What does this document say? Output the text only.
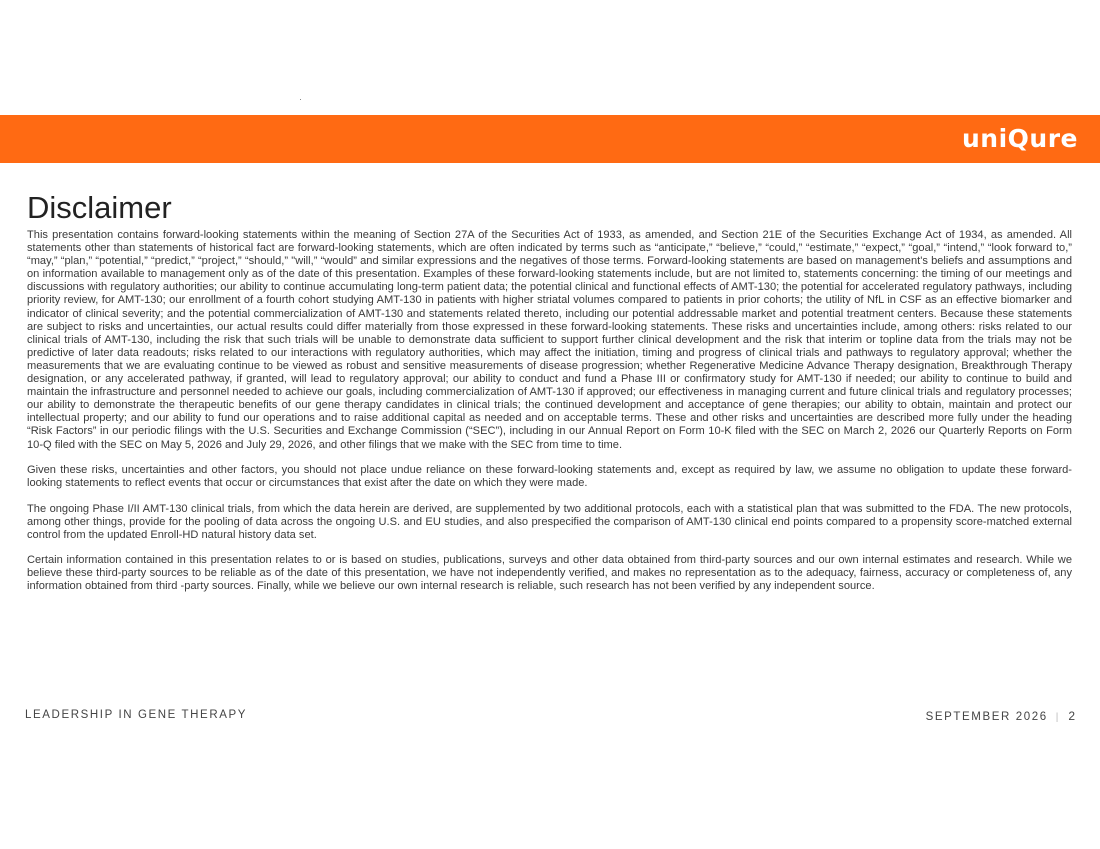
uniQure
Disclaimer

This presentation contains forward-looking statements within the meaning of Section 27A of the Securities Act of 1933, as amended, and Section 21E of the Securities Exchange Act of 1934, as amended. All statements other than statements of historical fact are forward-looking statements, which are often indicated by terms such as “anticipate,” “believe,” “could,” “estimate,” “expect,” “goal,” “intend,” “look forward to,” “may,” “plan,” “potential,” “predict,” “project,” “should,” "will,” “would” and similar expressions and the negatives of those terms. Forward-looking statements are based on management's beliefs and assumptions and on information available to management only as of the date of this presentation. Examples of these forward-looking statements include, but are not limited to, statements concerning: the timing of our meetings and discussions with regulatory authorities; our ability to continue accumulating long-term patient data; the potential clinical and functional effects of AMT-130; the potential for accelerated regulatory pathways, including priority review, for AMT-130; our enrollment of a fourth cohort studying AMT-130 in patients with higher striatal volumes compared to patients in prior cohorts; the utility of NfL in CSF as an effective biomarker and indicator of clinical severity; and the potential commercialization of AMT-130 and statements related thereto, including our potential addressable market and potential treatment centers. Because these statements are subject to risks and uncertainties, our actual results could differ materially from those expressed in these forward-looking statements. These risks and uncertainties include, among others: risks related to our clinical trials of AMT-130, including the risk that such trials will be unable to demonstrate data sufficient to support further clinical development and the risk that interim or topline data from the trials may not be predictive of later data readouts; risks related to our interactions with regulatory authorities, which may affect the initiation, timing and progress of clinical trials and pathways to regulatory approval; whether the measurements that we are evaluating continue to be viewed as robust and sensitive measurements of disease progression; whether Regenerative Medicine Advance Therapy designation, Breakthrough Therapy designation, or any accelerated pathway, if granted, will lead to regulatory approval; our ability to conduct and fund a Phase III or confirmatory study for AMT-130 if needed; our ability to continue to build and maintain the infrastructure and personnel needed to achieve our goals, including commercialization of AMT-130 if approved; our effectiveness in managing current and future clinical trials and regulatory processes; our ability to demonstrate the therapeutic benefits of our gene therapy candidates in clinical trials; the continued development and acceptance of gene therapies; our ability to obtain, maintain and protect our intellectual property; and our ability to fund our operations and to raise additional capital as needed and on acceptable terms. These and other risks and uncertainties are described more fully under the heading “Risk Factors” in our periodic filings with the U.S. Securities and Exchange Commission (“SEC”), including in our Annual Report on Form 10-K filed with the SEC on March 2, 2026 our Quarterly Reports on Form 10-Q filed with the SEC on May 5, 2026 and July 29, 2026, and other filings that we make with the SEC from time to time.

Given these risks, uncertainties and other factors, you should not place undue reliance on these forward-looking statements and, except as required by law, we assume no obligation to update these forward-looking statements to reflect events that occur or circumstances that exist after the date on which they were made.

The ongoing Phase I/II AMT-130 clinical trials, from which the data herein are derived, are supplemented by two additional protocols, each with a statistical plan that was submitted to the FDA. The new protocols, among other things, provide for the pooling of data across the ongoing U.S. and EU studies, and also prespecified the comparison of AMT-130 clinical end points compared to a propensity score-matched external control from the updated Enroll-HD natural history data set.

Certain information contained in this presentation relates to or is based on studies, publications, surveys and other data obtained from third-party sources and our own internal estimates and research. While we believe these third-party sources to be reliable as of the date of this presentation, we have not independently verified, and makes no representation as to the adequacy, fairness, accuracy or completeness of, any information obtained from third -party sources. Finally, while we believe our own internal research is reliable, such research has not been verified by any independent source.

LEADERSHIP IN GENE THERAPY	SEPTEMBER 2026 | 2
